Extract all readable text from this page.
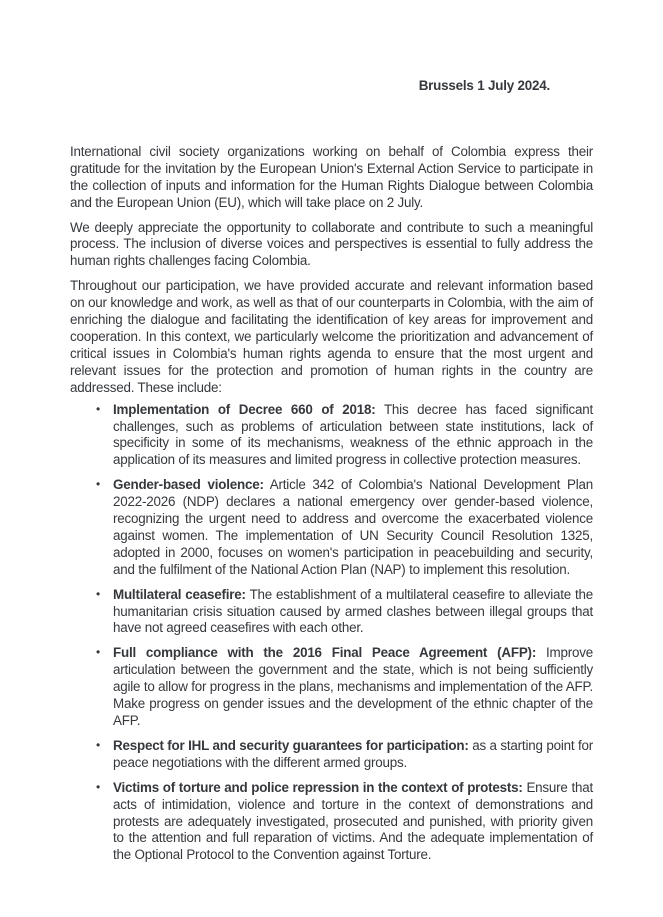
Brussels 1 July 2024.

International civil society organizations working on behalf of Colombia express their gratitude for the invitation by the European Union's External Action Service to participate in the collection of inputs and information for the Human Rights Dialogue between Colombia and the European Union (EU), which will take place on 2 July.

We deeply appreciate the opportunity to collaborate and contribute to such a meaningful process. The inclusion of diverse voices and perspectives is essential to fully address the human rights challenges facing Colombia.

Throughout our participation, we have provided accurate and relevant information based on our knowledge and work, as well as that of our counterparts in Colombia, with the aim of enriching the dialogue and facilitating the identification of key areas for improvement and cooperation. In this context, we particularly welcome the prioritization and advancement of critical issues in Colombia's human rights agenda to ensure that the most urgent and relevant issues for the protection and promotion of human rights in the country are addressed. These include:

• Implementation of Decree 660 of 2018: This decree has faced significant challenges, such as problems of articulation between state institutions, lack of specificity in some of its mechanisms, weakness of the ethnic approach in the application of its measures and limited progress in collective protection measures.
• Gender-based violence: Article 342 of Colombia's National Development Plan 2022-2026 (NDP) declares a national emergency over gender-based violence, recognizing the urgent need to address and overcome the exacerbated violence against women. The implementation of UN Security Council Resolution 1325, adopted in 2000, focuses on women's participation in peacebuilding and security, and the fulfilment of the National Action Plan (NAP) to implement this resolution.
• Multilateral ceasefire: The establishment of a multilateral ceasefire to alleviate the humanitarian crisis situation caused by armed clashes between illegal groups that have not agreed ceasefires with each other.
• Full compliance with the 2016 Final Peace Agreement (AFP): Improve articulation between the government and the state, which is not being sufficiently agile to allow for progress in the plans, mechanisms and implementation of the AFP. Make progress on gender issues and the development of the ethnic chapter of the AFP.
• Respect for IHL and security guarantees for participation: as a starting point for peace negotiations with the different armed groups.
• Victims of torture and police repression in the context of protests: Ensure that acts of intimidation, violence and torture in the context of demonstrations and protests are adequately investigated, prosecuted and punished, with priority given to the attention and full reparation of victims. And the adequate implementation of the Optional Protocol to the Convention against Torture.
